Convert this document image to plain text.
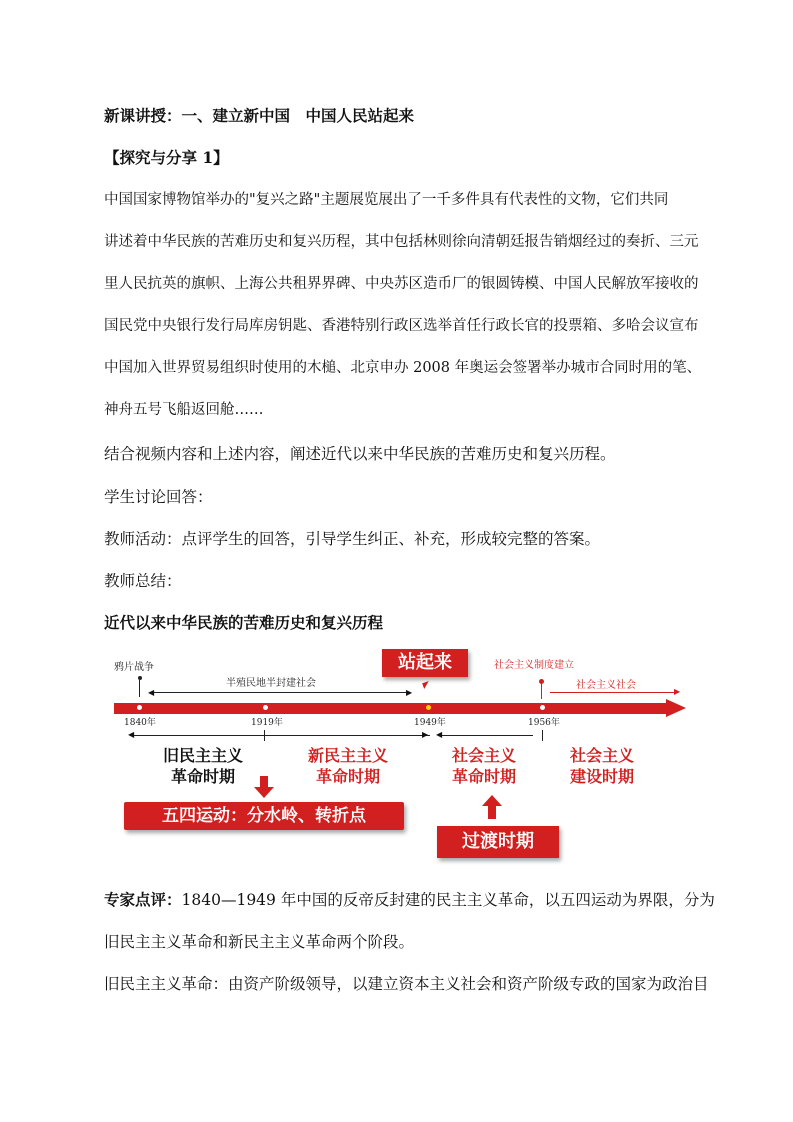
新课讲授：一、建立新中国　中国人民站起来
【探究与分享 1】
中国国家博物馆举办的"复兴之路"主题展览展出了一千多件具有代表性的文物，它们共同
讲述着中华民族的苦难历史和复兴历程，其中包括林则徐向清朝廷报告销烟经过的奏折、三元
里人民抗英的旗帜、上海公共租界界碑、中央苏区造币厂的银圆铸模、中国人民解放军接收的
国民党中央银行发行局库房钥匙、香港特别行政区选举首任行政长官的投票箱、多哈会议宣布
中国加入世界贸易组织时使用的木槌、北京申办 2008 年奥运会签署举办城市合同时用的笔、
神舟五号飞船返回舱……
结合视频内容和上述内容，阐述近代以来中华民族的苦难历史和复兴历程。
学生讨论回答：
教师活动：点评学生的回答，引导学生纠正、补充，形成较完整的答案。
教师总结：
近代以来中华民族的苦难历史和复兴历程
鸦片战争
半殖民地半封建社会
◀	▶
站起来	社会主义制度建立
社会主义社会
▶
1840年	1919年	1949年	1956年
◀	▶ ◀
旧民主主义
革命时期
新民主主义
革命时期
社会主义
革命时期
社会主义
建设时期
五四运动：分水岭、转折点
过渡时期
专家点评：1840—1949 年中国的反帝反封建的民主主义革命，以五四运动为界限，分为
旧民主主义革命和新民主主义革命两个阶段。
旧民主主义革命：由资产阶级领导，以建立资本主义社会和资产阶级专政的国家为政治目
